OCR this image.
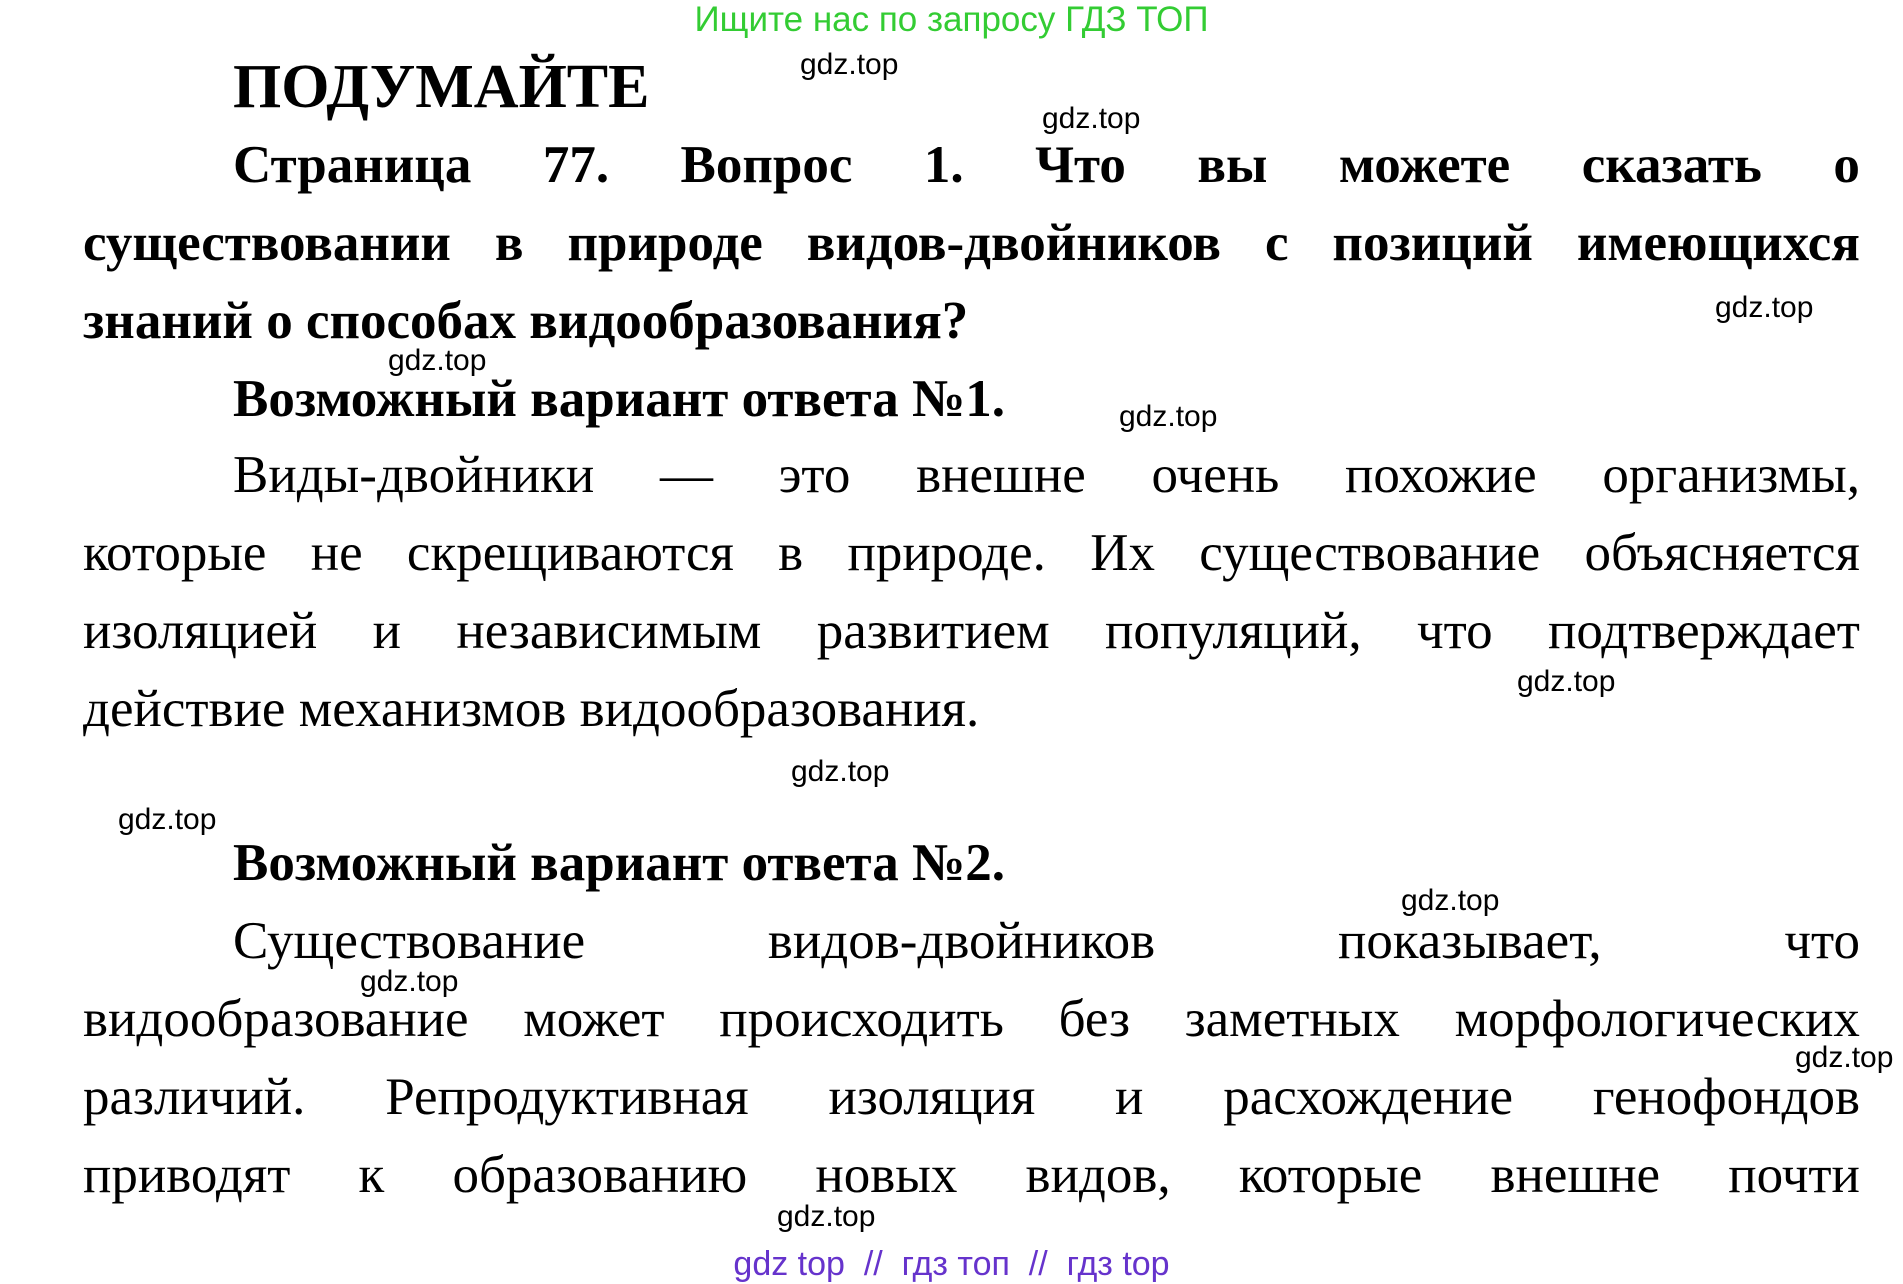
Ищите нас по запросу ГДЗ ТОП
ПОДУМАЙТЕ
Страница 77. Вопрос 1. Что вы можете сказать о
существовании в природе видов-двойников с позиций имеющихся
знаний о способах видообразования?
Возможный вариант ответа №1.
Виды-двойники — это внешне очень похожие организмы,
которые не скрещиваются в природе. Их существование объясняется
изоляцией и независимым развитием популяций, что подтверждает
действие механизмов видообразования.
Возможный вариант ответа №2.
Существование	видов-двойников	показывает,	что
видообразование может происходить без заметных морфологических
различий. Репродуктивная изоляция и расхождение генофондов
приводят к образованию новых видов, которые внешне почти
gdz.top
gdz.top
gdz.top
gdz.top
gdz.top
gdz.top
gdz.top
gdz.top
gdz.top
gdz.top
gdz.top
gdz.top
gdz top  //  гдз топ  //  гдз top
